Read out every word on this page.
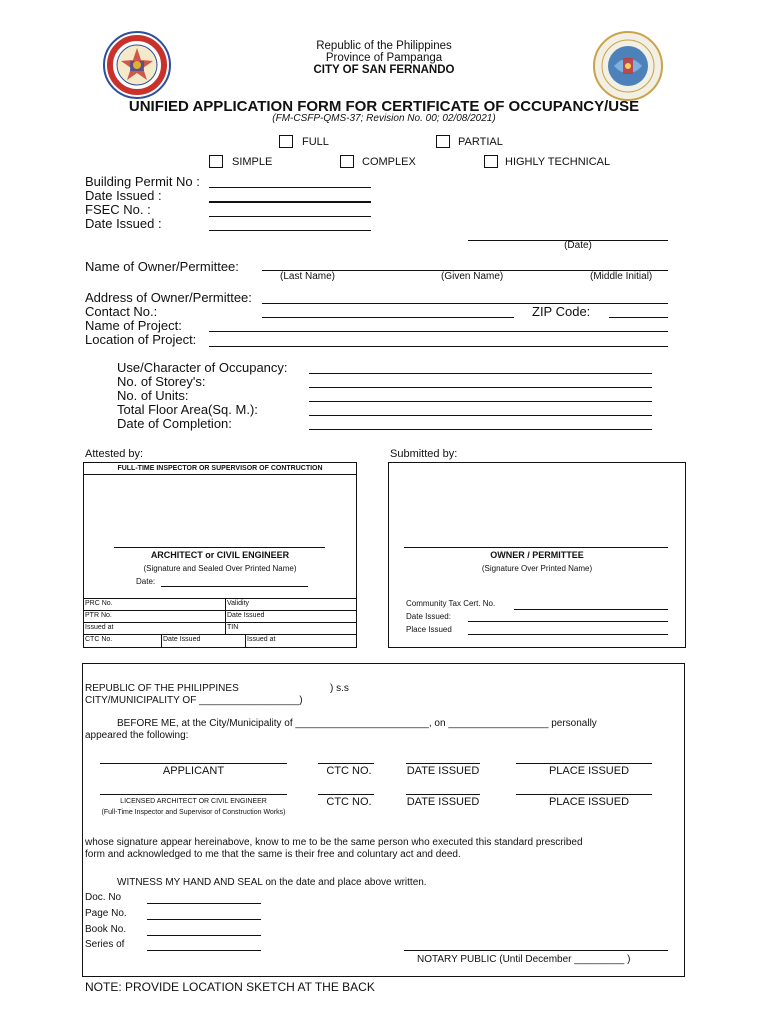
Republic of the Philippines
Province of Pampanga
CITY OF SAN FERNANDO
UNIFIED APPLICATION FORM FOR CERTIFICATE OF OCCUPANCY/USE
(FM-CSFP-QMS-37; Revision No. 00; 02/08/2021)
FULL	PARTIAL
SIMPLE	COMPLEX	HIGHLY TECHNICAL
Building Permit No :
Date Issued :
FSEC No. :
Date Issued :
(Date)
Name of Owner/Permittee:
(Last Name)	(Given Name)	(Middle Initial)
Address of Owner/Permittee:
Contact No.:	ZIP Code:
Name of Project:
Location of Project:
Use/Character of Occupancy:
No. of Storey's:
No. of Units:
Total Floor Area(Sq. M.):
Date of Completion:
Attested by:	Submitted by:
FULL-TIME INSPECTOR OR SUPERVISOR OF CONTRUCTION
ARCHITECT or CIVIL ENGINEER
(Signature and Sealed Over Printed Name)
Date:
PRC No.	Validity
PTR No.	Date Issued
Issued at	TIN
CTC No.	Date Issued	Issued at
OWNER / PERMITTEE
(Signature Over Printed Name)
Community Tax Cert. No.
Date Issued:
Place Issued
REPUBLIC OF THE PHILIPPINES	) s.s
CITY/MUNICIPALITY OF __________________)
BEFORE ME, at the City/Municipality of ________________________, on __________________ personally
appeared the following:
APPLICANT	CTC NO.	DATE ISSUED	PLACE ISSUED
LICENSED ARCHITECT OR CIVIL ENGINEER
(Full-Time Inspector and Supervisor of Construction Works)
CTC NO.	DATE ISSUED	PLACE ISSUED
whose signature appear hereinabove, know to me to be the same person who executed this standard prescribed
form and acknowledged to me that the same is their free and coluntary act and deed.
WITNESS MY HAND AND SEAL on the date and place above written.
Doc. No
Page No.
Book No.
Series of
NOTARY PUBLIC (Until December _________ )
NOTE: PROVIDE LOCATION SKETCH AT THE BACK
